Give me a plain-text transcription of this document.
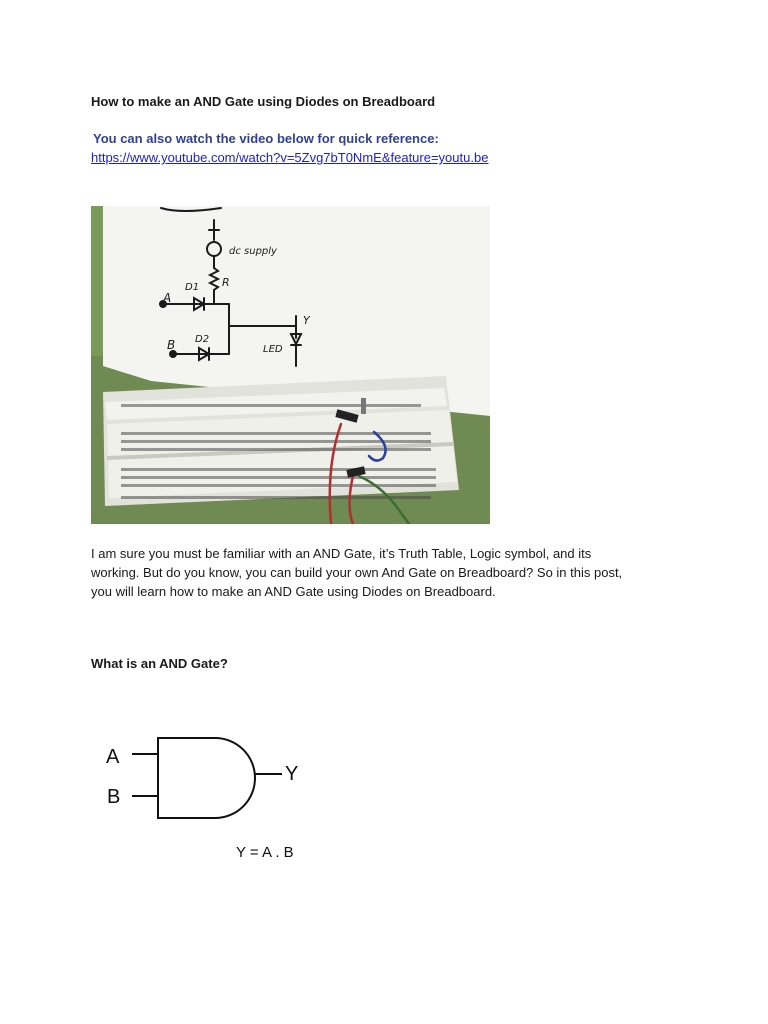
How to make an AND Gate using Diodes on Breadboard
You can also watch the video below for quick reference:
https://www.youtube.com/watch?v=5Zvg7bT0NmE&feature=youtu.be
dc supply
R
D1
D2
A
B
Y
LED

I am sure you must be familiar with an AND Gate, it’s Truth Table, Logic symbol, and its

working. But do you know, you can build your own And Gate on Breadboard? So in this post,

you will learn how to make an AND Gate using Diodes on Breadboard.

What is an AND Gate?
A
B
Y
Y = A . B
